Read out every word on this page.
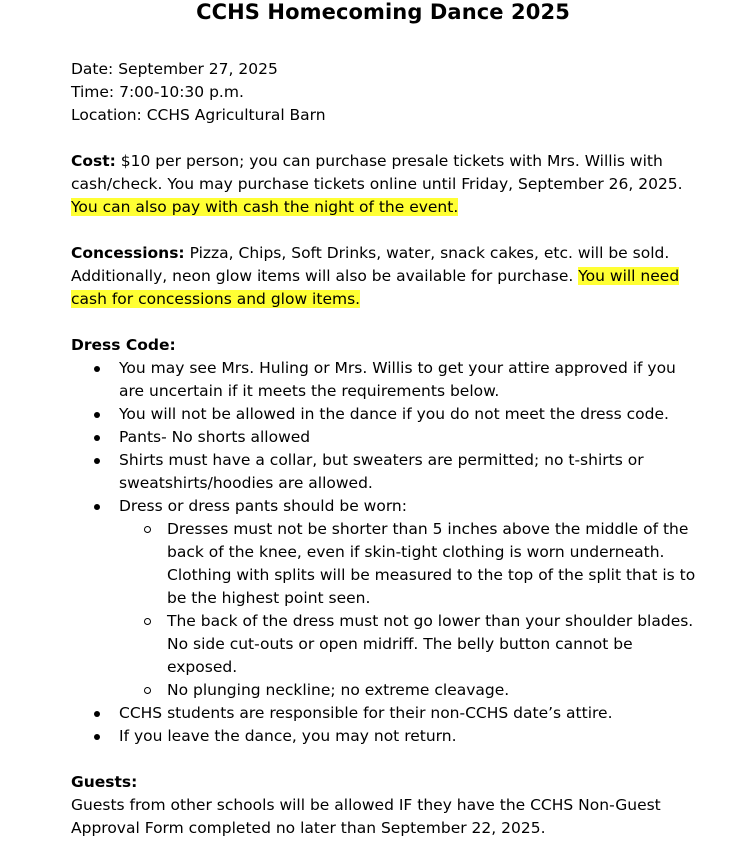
CCHS Homecoming Dance 2025
Date: September 27, 2025
Time: 7:00-10:30 p.m.
Location: CCHS Agricultural Barn
Cost: $10 per person; you can purchase presale tickets with Mrs. Willis with
cash/check. You may purchase tickets online until Friday, September 26, 2025.
You can also pay with cash the night of the event.
Concessions: Pizza, Chips, Soft Drinks, water, snack cakes, etc. will be sold.
Additionally, neon glow items will also be available for purchase. You will need
cash for concessions and glow items.
Dress Code:
You may see Mrs. Huling or Mrs. Willis to get your attire approved if you
are uncertain if it meets the requirements below.
You will not be allowed in the dance if you do not meet the dress code.
Pants- No shorts allowed
Shirts must have a collar, but sweaters are permitted; no t-shirts or
sweatshirts/hoodies are allowed.
Dress or dress pants should be worn:
Dresses must not be shorter than 5 inches above the middle of the
back of the knee, even if skin-tight clothing is worn underneath.
Clothing with splits will be measured to the top of the split that is to
be the highest point seen.
The back of the dress must not go lower than your shoulder blades.
No side cut-outs or open midriff. The belly button cannot be
exposed.
No plunging neckline; no extreme cleavage.
CCHS students are responsible for their non-CCHS date’s attire.
If you leave the dance, you may not return.
Guests:
Guests from other schools will be allowed IF they have the CCHS Non-Guest
Approval Form completed no later than September 22, 2025.
